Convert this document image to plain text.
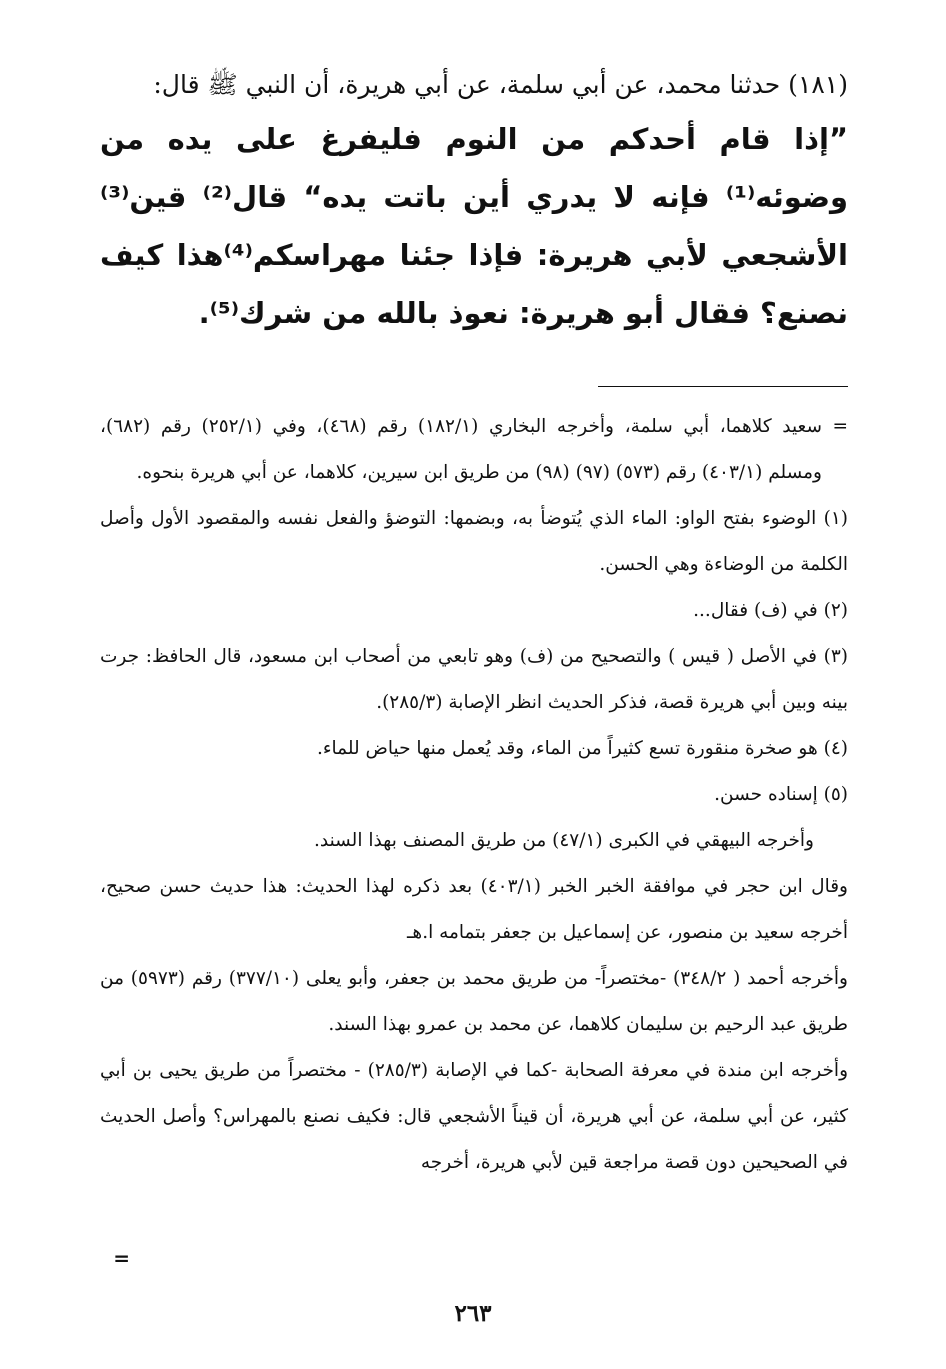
(١٨١) حدثنا محمد، عن أبي سلمة، عن أبي هريرة، أن النبي ﷺ قال:
”إذا قام أحدكم من النوم فليفرغ على يده من وضوئه⁽¹⁾ فإنه لا يدري أين باتت يده“ قال⁽²⁾ قين⁽³⁾ الأشجعي لأبي هريرة: فإذا جئنا مهراسكم⁽⁴⁾هذا كيف نصنع؟ فقال أبو هريرة: نعوذ بالله من شرك⁽⁵⁾.

=
سعيد كلاهما، أبي سلمة، وأخرجه البخاري (١٨٢/١) رقم (٤٦٨)، وفي (٢٥٢/١) رقم (٦٨٢)، ومسلم (٤٠٣/١) رقم (٥٧٣) (٩٧) (٩٨) من طريق ابن سيرين، كلاهما، عن أبي هريرة بنحوه.

(١) الوضوء بفتح الواو: الماء الذي يُتوضأ به، وبضمها: التوضؤ والفعل نفسه والمقصود الأول وأصل الكلمة من الوضاءة وهي الحسن.

(٢) في (ف) فقال...

(٣) في الأصل ( قيس ) والتصحيح من (ف) وهو تابعي من أصحاب ابن مسعود، قال الحافظ: جرت بينه وبين أبي هريرة قصة، فذكر الحديث انظر الإصابة (٢٨٥/٣).

(٤) هو صخرة منقورة تسع كثيراً من الماء، وقد يُعمل منها حياض للماء.

(٥) إسناده حسن.

وأخرجه البيهقي في الكبرى (٤٧/١) من طريق المصنف بهذا السند.

وقال ابن حجر في موافقة الخبر الخبر (٤٠٣/١) بعد ذكره لهذا الحديث: هذا حديث حسن صحيح، أخرجه سعيد بن منصور، عن إسماعيل بن جعفر بتمامه ا.هـ

وأخرجه أحمد ( ٣٤٨/٢) -مختصراً- من طريق محمد بن جعفر، وأبو يعلى (٣٧٧/١٠) رقم (٥٩٧٣) من طريق عبد الرحيم بن سليمان كلاهما، عن محمد بن عمرو بهذا السند.

وأخرجه ابن مندة في معرفة الصحابة -كما في الإصابة (٢٨٥/٣) - مختصراً من طريق يحيى بن أبي كثير، عن أبي سلمة، عن أبي هريرة، أن قيناً الأشجعي قال: فكيف نصنع بالمهراس؟ وأصل الحديث في الصحيحين دون قصة مراجعة قين لأبي هريرة، أخرجه

=
٢٦٣
